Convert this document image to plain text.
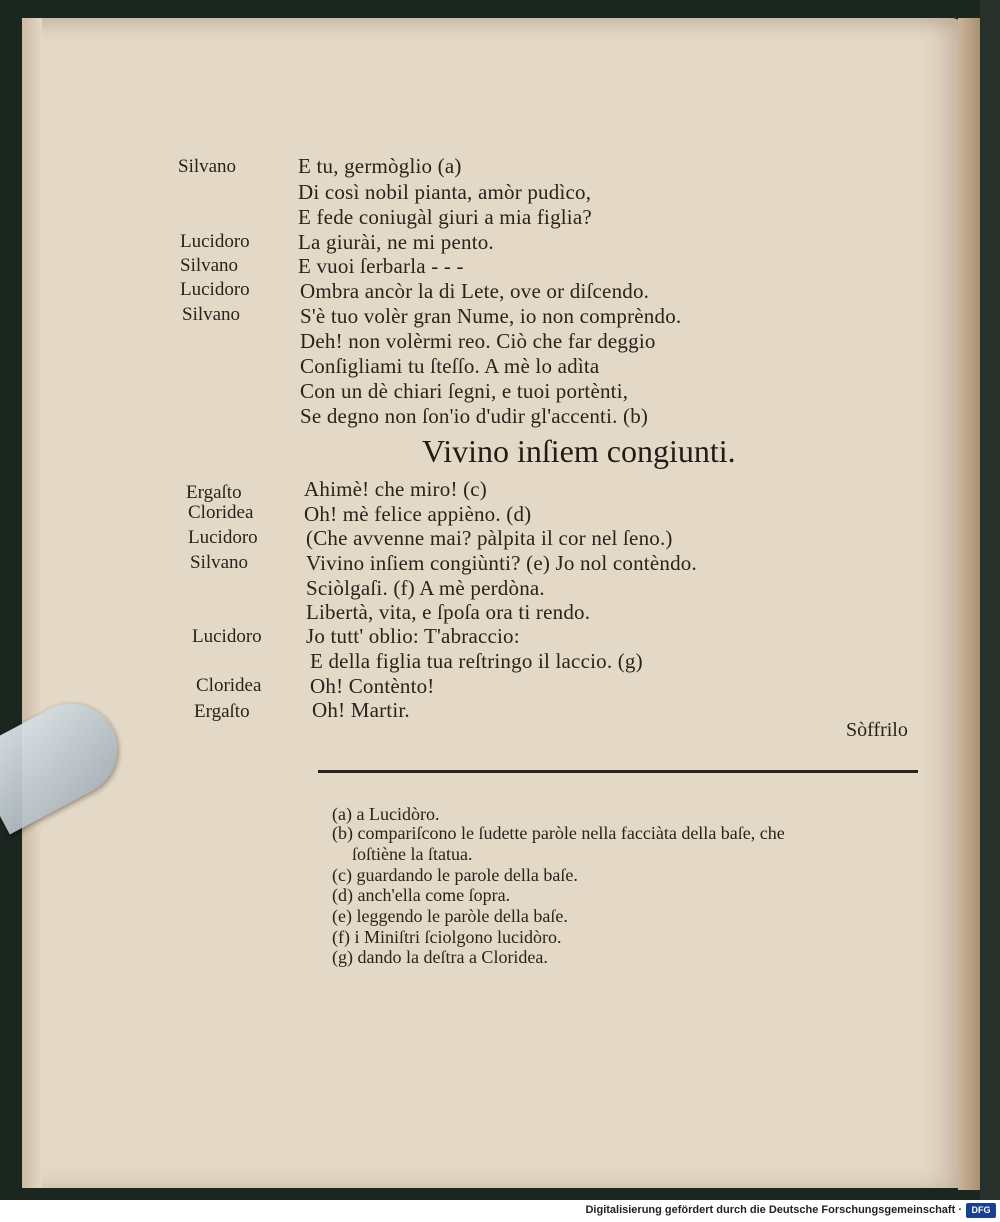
Silvano	E tu, germòglio (a)
Di così nobil pianta, amòr pudìco,
E fede coniugàl giuri a mia figlia?
Lucidoro La giurài, ne mi pento.
Silvano	E vuoi ſerbarla - - -
Lucidoro Ombra ancòr la di Lete, ove or diſcendo.
Silvano	S'è tuo volèr gran Nume, io non comprèndo.
Deh! non volèrmi reo. Ciò che far deggio
Conſigliami tu ſteſſo. A mè lo adìta
Con un dè chiari ſegni, e tuoi portènti,
Se degno non ſon'io d'udir gl'accenti. (b)
Vivino inſiem congiunti.
Ergaſto	Ahimè! che miro! (c)
Cloridea Oh! mè felice appièno. (d)
Lucidoro (Che avvenne mai? pàlpita il cor nel ſeno.)
Silvano	Vivino inſiem congiùnti? (e) Jo nol contèndo.
Sciòlgaſi. (f) A mè perdòna.
Libertà, vita, e ſpoſa ora ti rendo.
Lucidoro Jo tutt' oblio: T'abraccio:
E della figlia tua reſtringo il laccio. (g)
Cloridea Oh! Contènto!
Ergaſto	Oh! Martir.
Sòffrilo
(a) a Lucidòro.
(b) compariſcono le ſudette paròle nella facciàta della baſe, che
ſoſtiène la ſtatua.
(c) guardando le parole della baſe.
(d) anch'ella come ſopra.
(e) leggendo le paròle della baſe.
(f) i Miniſtri ſciolgono lucidòro.
(g) dando la deſtra a Cloridea.
Digitalisierung gefördert durch die Deutsche Forschungsgemeinschaft ·	DFG
